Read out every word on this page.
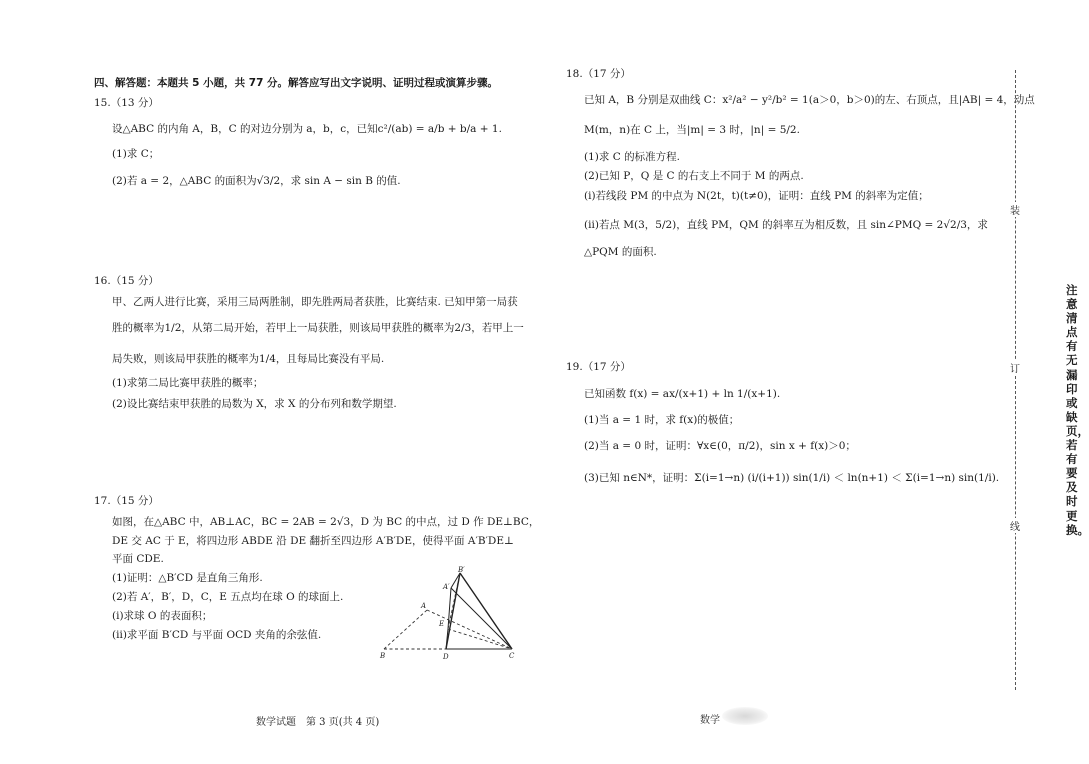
四、解答题：本题共 5 小题，共 77 分。解答应写出文字说明、证明过程或演算步骤。
15.（13 分）
设△ABC 的内角 A，B，C 的对边分别为 a，b，c，已知c²/(ab) = a/b + b/a + 1.
(1)求 C；
(2)若 a = 2，△ABC 的面积为√3/2，求 sin A − sin B 的值.
16.（15 分）
甲、乙两人进行比赛，采用三局两胜制，即先胜两局者获胜，比赛结束. 已知甲第一局获
胜的概率为1/2，从第二局开始，若甲上一局获胜，则该局甲获胜的概率为2/3，若甲上一
局失败，则该局甲获胜的概率为1/4，且每局比赛没有平局.
(1)求第二局比赛甲获胜的概率；
(2)设比赛结束甲获胜的局数为 X，求 X 的分布列和数学期望.
17.（15 分）
如图，在△ABC 中，AB⊥AC，BC = 2AB = 2√3，D 为 BC 的中点，过 D 作 DE⊥BC，
DE 交 AC 于 E，将四边形 ABDE 沿 DE 翻折至四边形 A′B′DE，使得平面 A′B′DE⊥
平面 CDE.
(1)证明：△B′CD 是直角三角形.
(2)若 A′，B′，D，C，E 五点均在球 O 的球面上.
(ⅰ)求球 O 的表面积；
(ⅱ)求平面 B′CD 与平面 OCD 夹角的余弦值.
B′
A′
A
E
B	D	C
数学试题　第 3 页(共 4 页)
18.（17 分）
已知 A，B 分别是双曲线 C：x²/a² − y²/b² = 1(a＞0，b＞0)的左、右顶点，且|AB| = 4，动点
M(m，n)在 C 上，当|m| = 3 时，|n| = 5/2.
(1)求 C 的标准方程.
(2)已知 P，Q 是 C 的右支上不同于 M 的两点.
(ⅰ)若线段 PM 的中点为 N(2t，t)(t≠0)，证明：直线 PM 的斜率为定值；
(ⅱ)若点 M(3，5/2)，直线 PM，QM 的斜率互为相反数，且 sin∠PMQ = 2√2/3，求
△PQM 的面积.
19.（17 分）
已知函数 f(x) = ax/(x+1) + ln 1/(x+1).
(1)当 a = 1 时，求 f(x)的极值；
(2)当 a = 0 时，证明：∀x∈(0，π/2)，sin x + f(x)＞0；
(3)已知 n∈N*，证明：Σ(i=1→n) (i/(i+1)) sin(1/i) ＜ ln(n+1) ＜ Σ(i=1→n) sin(1/i).
数学
装
订
线
注意清点有无漏印或缺页，若有要及时更换。
